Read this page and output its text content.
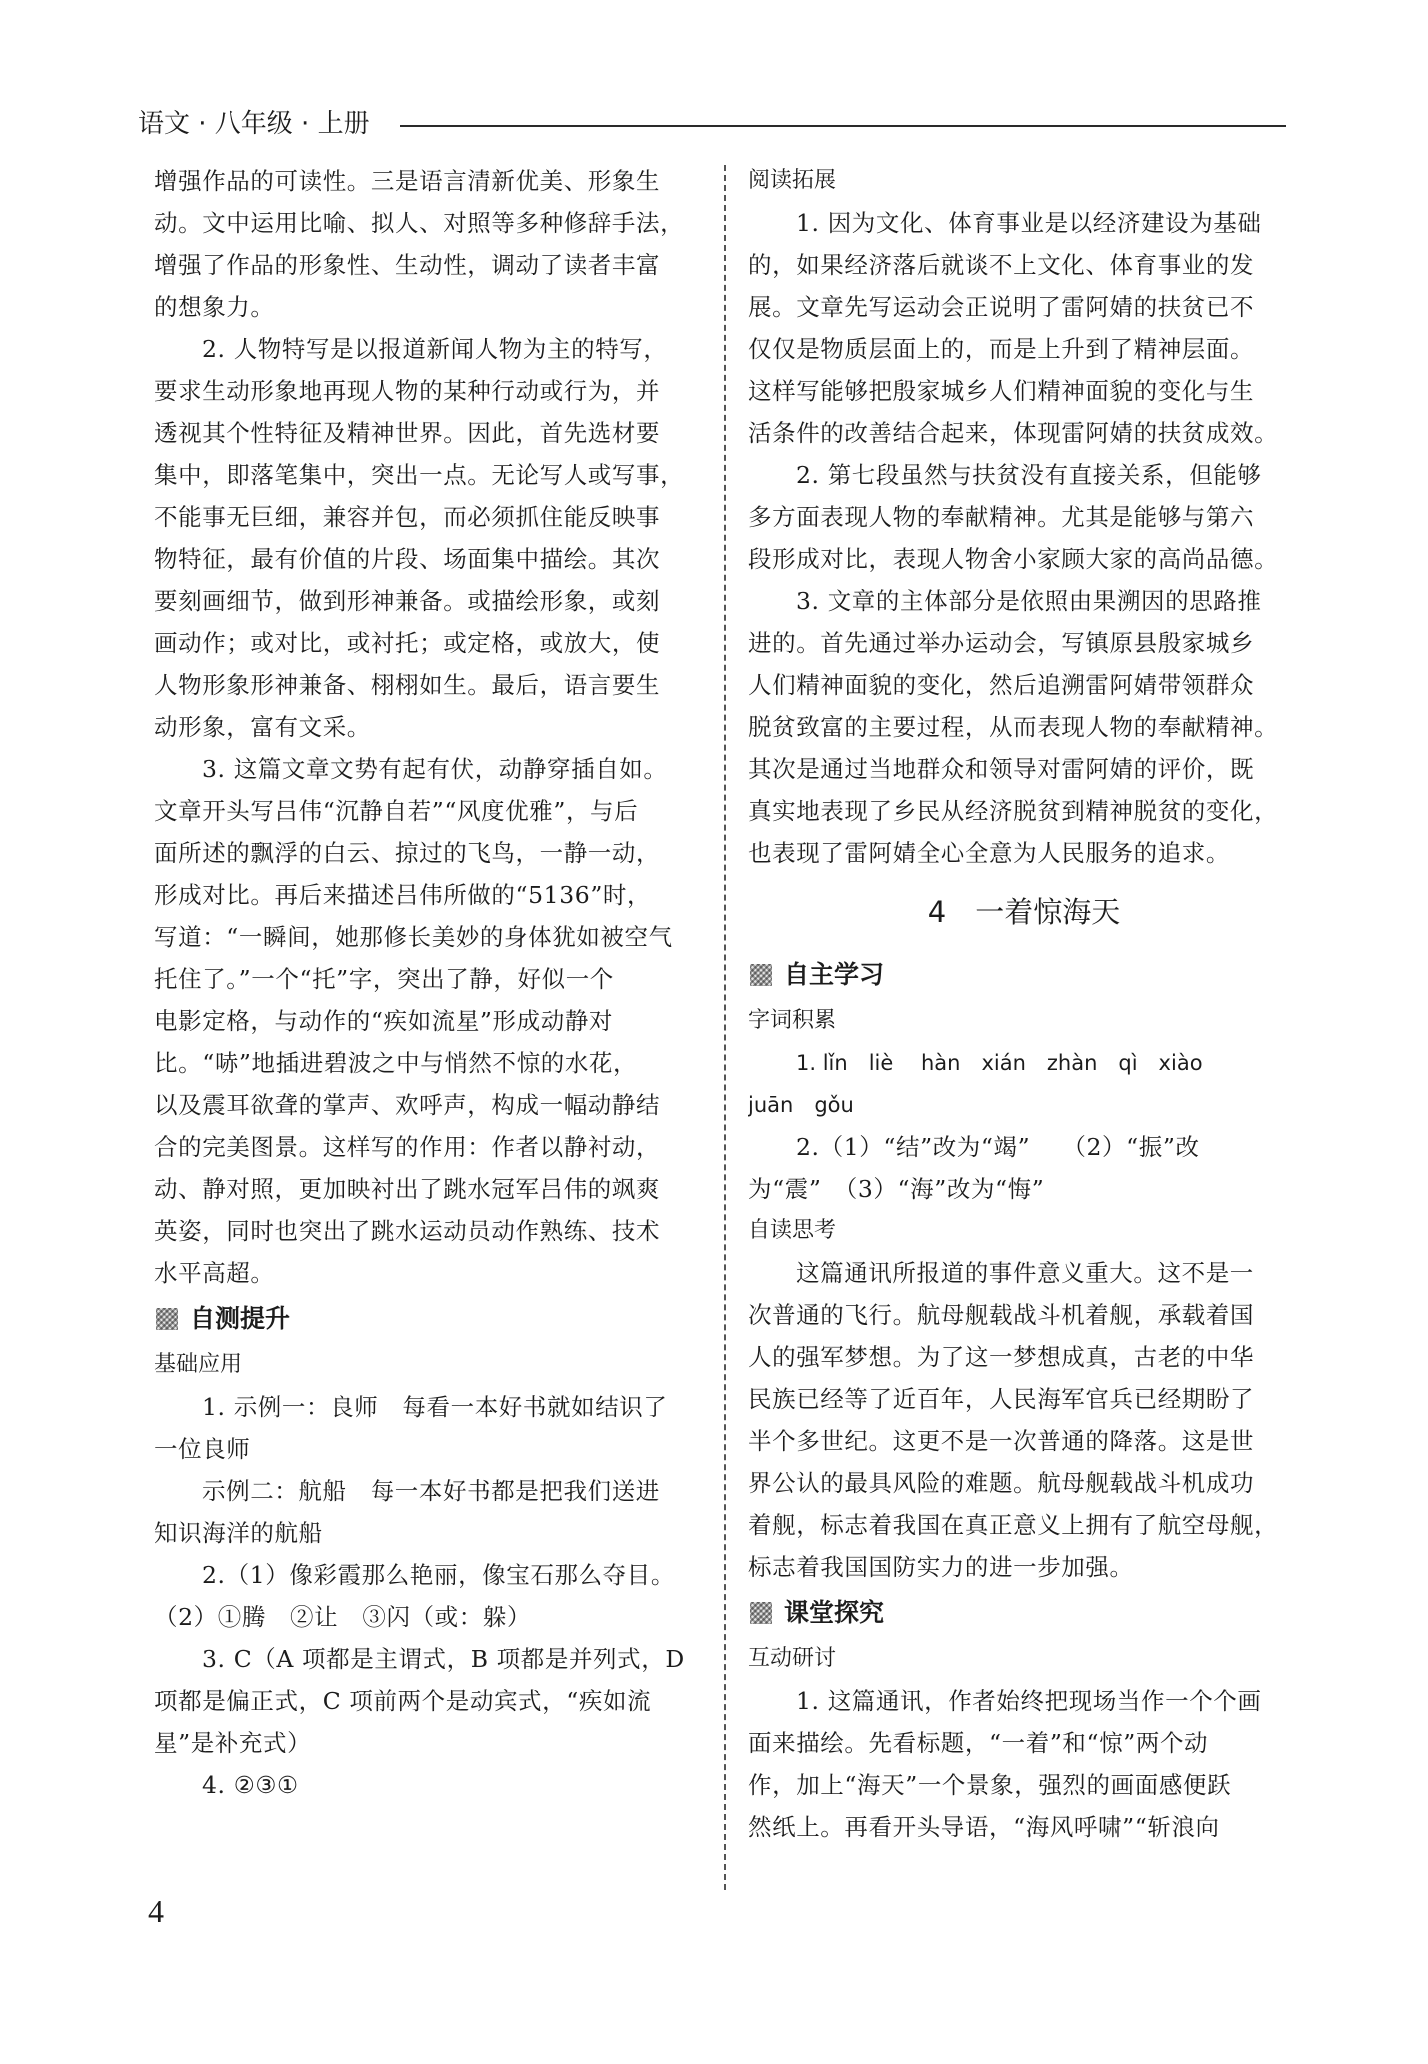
语文 · 八年级 · 上册
增强作品的可读性。三是语言清新优美、形象生
动。文中运用比喻、拟人、对照等多种修辞手法，
增强了作品的形象性、生动性，调动了读者丰富
的想象力。
2. 人物特写是以报道新闻人物为主的特写，
要求生动形象地再现人物的某种行动或行为，并
透视其个性特征及精神世界。因此，首先选材要
集中，即落笔集中，突出一点。无论写人或写事，
不能事无巨细，兼容并包，而必须抓住能反映事
物特征，最有价值的片段、场面集中描绘。其次
要刻画细节，做到形神兼备。或描绘形象，或刻
画动作；或对比，或衬托；或定格，或放大，使
人物形象形神兼备、栩栩如生。最后，语言要生
动形象，富有文采。
3. 这篇文章文势有起有伏，动静穿插自如。
文章开头写吕伟“沉静自若”“风度优雅”，与后
面所述的飘浮的白云、掠过的飞鸟，一静一动，
形成对比。再后来描述吕伟所做的“5136”时，
写道：“一瞬间，她那修长美妙的身体犹如被空气
托住了。”一个“托”字，突出了静，好似一个
电影定格，与动作的“疾如流星”形成动静对
比。“哧”地插进碧波之中与悄然不惊的水花，
以及震耳欲聋的掌声、欢呼声，构成一幅动静结
合的完美图景。这样写的作用：作者以静衬动，
动、静对照，更加映衬出了跳水冠军吕伟的飒爽
英姿，同时也突出了跳水运动员动作熟练、技术
水平高超。
自测提升
基础应用
1. 示例一：良师　每看一本好书就如结识了
一位良师
示例二：航船　每一本好书都是把我们送进
知识海洋的航船
2.（1）像彩霞那么艳丽，像宝石那么夺目。
（2）①腾　②让　③闪（或：躲）
3. C（A 项都是主谓式，B 项都是并列式，D
项都是偏正式，C 项前两个是动宾式，“疾如流
星”是补充式）
4. ②③①
阅读拓展
1. 因为文化、体育事业是以经济建设为基础
的，如果经济落后就谈不上文化、体育事业的发
展。文章先写运动会正说明了雷阿婧的扶贫已不
仅仅是物质层面上的，而是上升到了精神层面。
这样写能够把殷家城乡人们精神面貌的变化与生
活条件的改善结合起来，体现雷阿婧的扶贫成效。
2. 第七段虽然与扶贫没有直接关系，但能够
多方面表现人物的奉献精神。尤其是能够与第六
段形成对比，表现人物舍小家顾大家的高尚品德。
3. 文章的主体部分是依照由果溯因的思路推
进的。首先通过举办运动会，写镇原县殷家城乡
人们精神面貌的变化，然后追溯雷阿婧带领群众
脱贫致富的主要过程，从而表现人物的奉献精神。
其次是通过当地群众和领导对雷阿婧的评价，既
真实地表现了乡民从经济脱贫到精神脱贫的变化，
也表现了雷阿婧全心全意为人民服务的追求。
4　一着惊海天
自主学习
字词积累
1. lǐn　liè　 hàn　xián　zhàn　qì　xiào
juān　gǒu
2.（1）“结”改为“竭”　 （2）“振”改
为“震”　（3）“海”改为“悔”
自读思考
这篇通讯所报道的事件意义重大。这不是一
次普通的飞行。航母舰载战斗机着舰，承载着国
人的强军梦想。为了这一梦想成真，古老的中华
民族已经等了近百年，人民海军官兵已经期盼了
半个多世纪。这更不是一次普通的降落。这是世
界公认的最具风险的难题。航母舰载战斗机成功
着舰，标志着我国在真正意义上拥有了航空母舰，
标志着我国国防实力的进一步加强。
课堂探究
互动研讨
1. 这篇通讯，作者始终把现场当作一个个画
面来描绘。先看标题，“一着”和“惊”两个动
作，加上“海天”一个景象，强烈的画面感便跃
然纸上。再看开头导语，“海风呼啸”“斩浪向
4
